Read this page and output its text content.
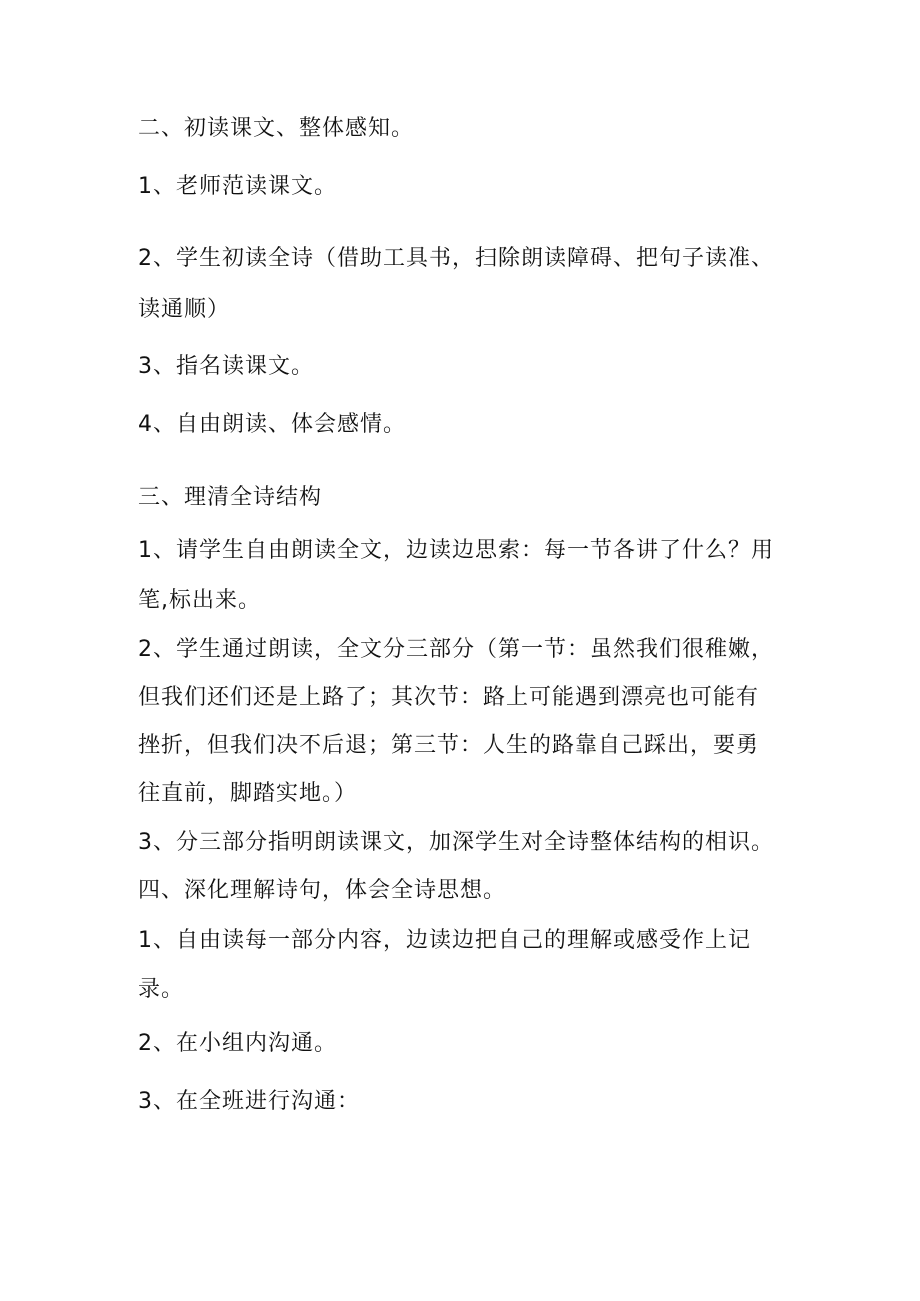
二、初读课文、整体感知。
1、老师范读课文。
2、学生初读全诗（借助工具书，扫除朗读障碍、把句子读准、
读通顺）
3、指名读课文。
4、自由朗读、体会感情。
三、理清全诗结构
1、请学生自由朗读全文，边读边思索：每一节各讲了什么？用
笔,标出来。
2、学生通过朗读，全文分三部分（第一节：虽然我们很稚嫩，
但我们还们还是上路了；其次节：路上可能遇到漂亮也可能有
挫折，但我们决不后退；第三节：人生的路靠自己踩出，要勇
往直前，脚踏实地。）
3、分三部分指明朗读课文，加深学生对全诗整体结构的相识。
四、深化理解诗句，体会全诗思想。
1、自由读每一部分内容，边读边把自己的理解或感受作上记
录。
2、在小组内沟通。
3、在全班进行沟通：
